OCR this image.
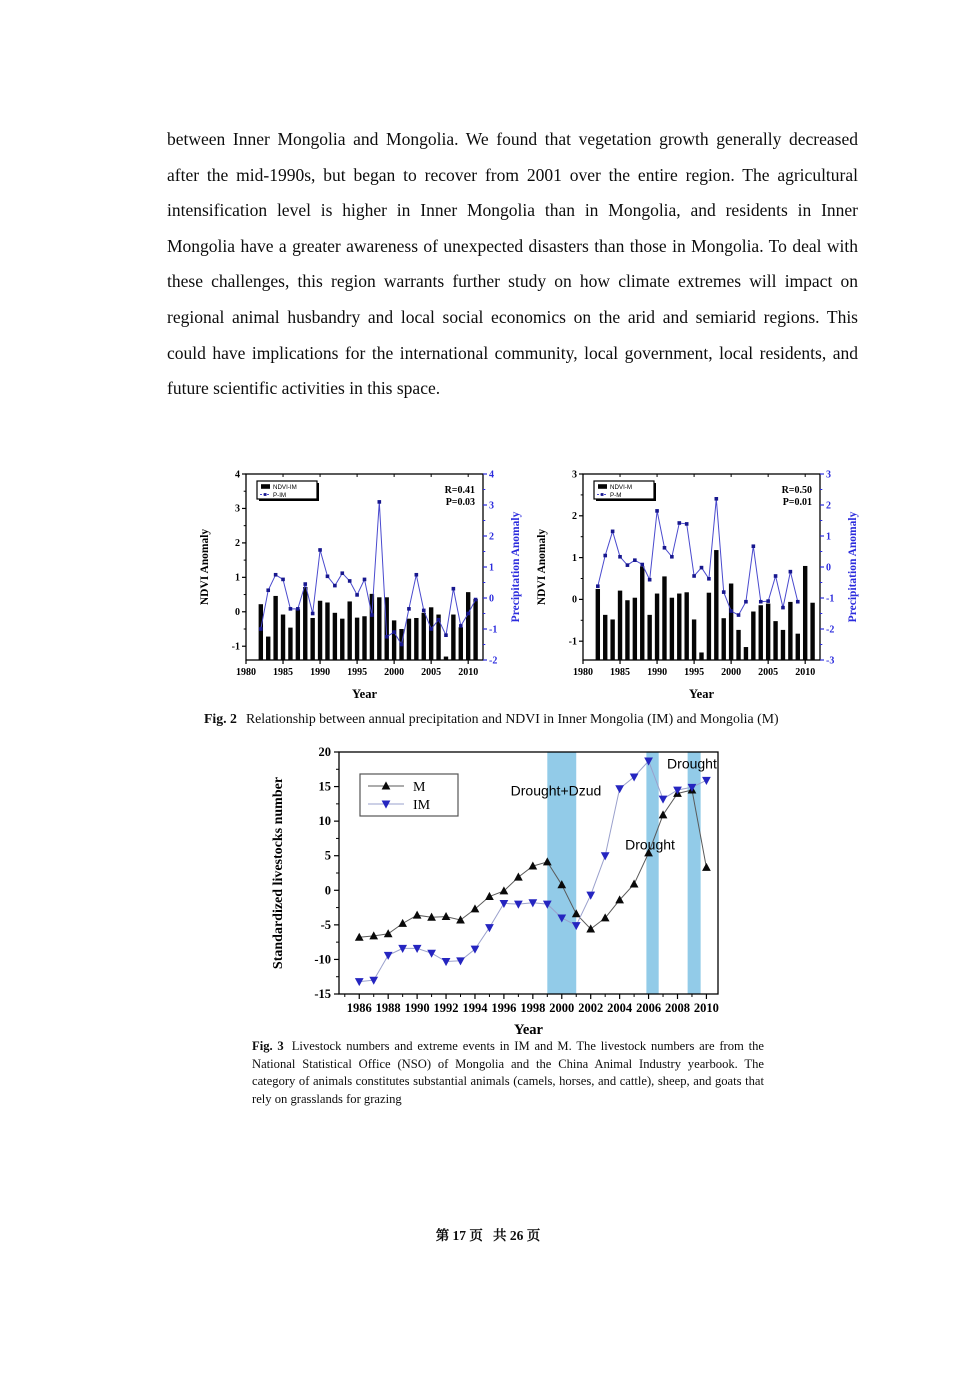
between Inner Mongolia and Mongolia. We found that vegetation growth generally decreased after the mid-1990s, but began to recover from 2001 over the entire region. The agricultural intensification level is higher in Inner Mongolia than in Mongolia, and residents in Inner Mongolia have a greater awareness of unexpected disasters than those in Mongolia. To deal with these challenges, this region warrants further study on how climate extremes will impact on regional animal husbandry and local social economics on the arid and semiarid regions. This could have implications for the international community, local government, local residents, and future scientific activities in this space.

-1
0
1
2
3
4
-2
-1
0
1
2
3
4
1980 1985 1990 1995 2000 2005 2010
NDVI Anomaly	Precipitation Anomaly
Year
R=0.41
P=0.03
NDVI-IM
P-IM
-1
0
1
2
3
-3
-2
-1
0
1
2
3
1980 1985 1990 1995 2000 2005 2010
NDVI Anomaly	Precipitation Anomaly
Year
R=0.50
P=0.01
NDVI-M
P-M

Fig. 2 Relationship between annual precipitation and NDVI in Inner Mongolia (IM) and Mongolia (M)

-15
-10
-5
0
5
10
15
20
1986 1988 1990 1992 1994 1996 1998 2000 2002 2004 2006 2008 2010
Drought+Dzud
Drought
Drought
Standardized livestocks number
Year
M
IM

Fig. 3 Livestock numbers and extreme events in IM and M. The livestock numbers are from the National Statistical Office (NSO) of Mongolia and the China Animal Industry yearbook. The category of animals constitutes substantial animals (camels, horses, and cattle), sheep, and goats that rely on grasslands for grazing

第 17 页   共 26 页
